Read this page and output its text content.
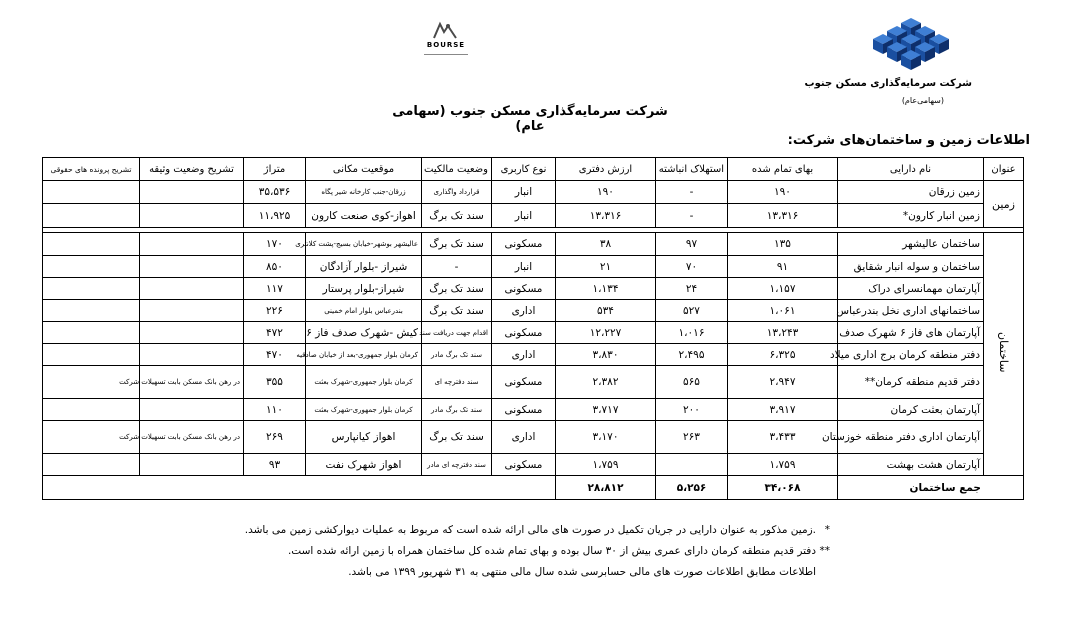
شرکت سرمایه‌گذاری مسکن جنوب
(سهامی‌عام)
BOURSE
شرکت سرمایه‌گذاری مسکن جنوب (سهامی عام)
اطلاعات زمین و ساختمان‌های شرکت:
عنوان	نام دارایی	بهای تمام شده	استهلاک انباشته	ارزش دفتری	نوع کاربری	وضعیت مالکیت	موقعیت مکانی	متراژ	تشریح وضعیت وثیقه	تشریح پرونده های حقوقی
زمین	زمین زرقان	۱۹۰	-	۱۹۰	انبار	قرارداد واگذاری	زرقان-جنب کارخانه شیر پگاه	۳۵،۵۳۶		
	زمین انبار کارون*	۱۳،۳۱۶	-	۱۳،۳۱۶	انبار	سند تک برگ	اهواز-کوی صنعت کارون	۱۱،۹۲۵		

ساختمان	ساختمان عالیشهر	۱۳۵	۹۷	۳۸	مسکونی	سند تک برگ	عالیشهر بوشهر-خیابان بسیج-پشت کلانتری	۱۷۰		
	ساختمان و سوله انبار شقایق	۹۱	۷۰	۲۱	انبار	-	شیراز -بلوار آزادگان	۸۵۰		
	آپارتمان مهمانسرای دراک	۱،۱۵۷	۲۴	۱،۱۳۴	مسکونی	سند تک برگ	شیراز-بلوار پرستار	۱۱۷		
	ساختمانهای اداری نخل بندرعباس	۱،۰۶۱	۵۲۷	۵۳۴	اداری	سند تک برگ	بندرعباس بلوار امام خمینی	۲۲۶		
	آپارتمان های فاز ۶ شهرک صدف	۱۳،۲۴۳	۱،۰۱۶	۱۲،۲۲۷	مسکونی	اقدام جهت دریافت سند	کیش -شهرک صدف فاز ۶	۴۷۲		
	دفتر منطقه کرمان برج اداری میلاد	۶،۳۲۵	۲،۴۹۵	۳،۸۳۰	اداری	سند تک برگ مادر	کرمان بلوار جمهوری-بعد از خیابان صادقیه	۴۷۰		
	دفتر قدیم منطقه کرمان**	۲،۹۴۷	۵۶۵	۲،۳۸۲	مسکونی	سند دفترچه ای	کرمان بلوار جمهوری-شهرک بعثت	۳۵۵	در رهن بانک مسکن بابت تسهیلات شرکت	
	آپارتمان بعثت کرمان	۳،۹۱۷	۲۰۰	۳،۷۱۷	مسکونی	سند تک برگ مادر	کرمان بلوار جمهوری-شهرک بعثت	۱۱۰		
	آپارتمان اداری دفتر منطقه خوزستان	۳،۴۳۳	۲۶۳	۳،۱۷۰	اداری	سند تک برگ	اهواز کیانپارس	۲۶۹	در رهن بانک مسکن بابت تسهیلات شرکت	
	آپارتمان هشت بهشت	۱،۷۵۹		۱،۷۵۹	مسکونی	سند دفترچه ای مادر	اهواز شهرک نفت	۹۳		
جمع ساختمان		۳۴،۰۶۸	۵،۲۵۶	۲۸،۸۱۲						
*.زمین مذکور به عنوان دارایی در جریان تکمیل در صورت های مالی ارائه شده است که مربوط به عملیات دیوارکشی زمین می باشد.
**دفتر قدیم منطقه کرمان دارای عمری بیش از ۳۰ سال بوده و بهای تمام شده کل ساختمان همراه با زمین ارائه شده است.
اطلاعات مطابق اطلاعات صورت های مالی حسابرسی شده سال مالی منتهی به ۳۱ شهریور ۱۳۹۹ می باشد.
